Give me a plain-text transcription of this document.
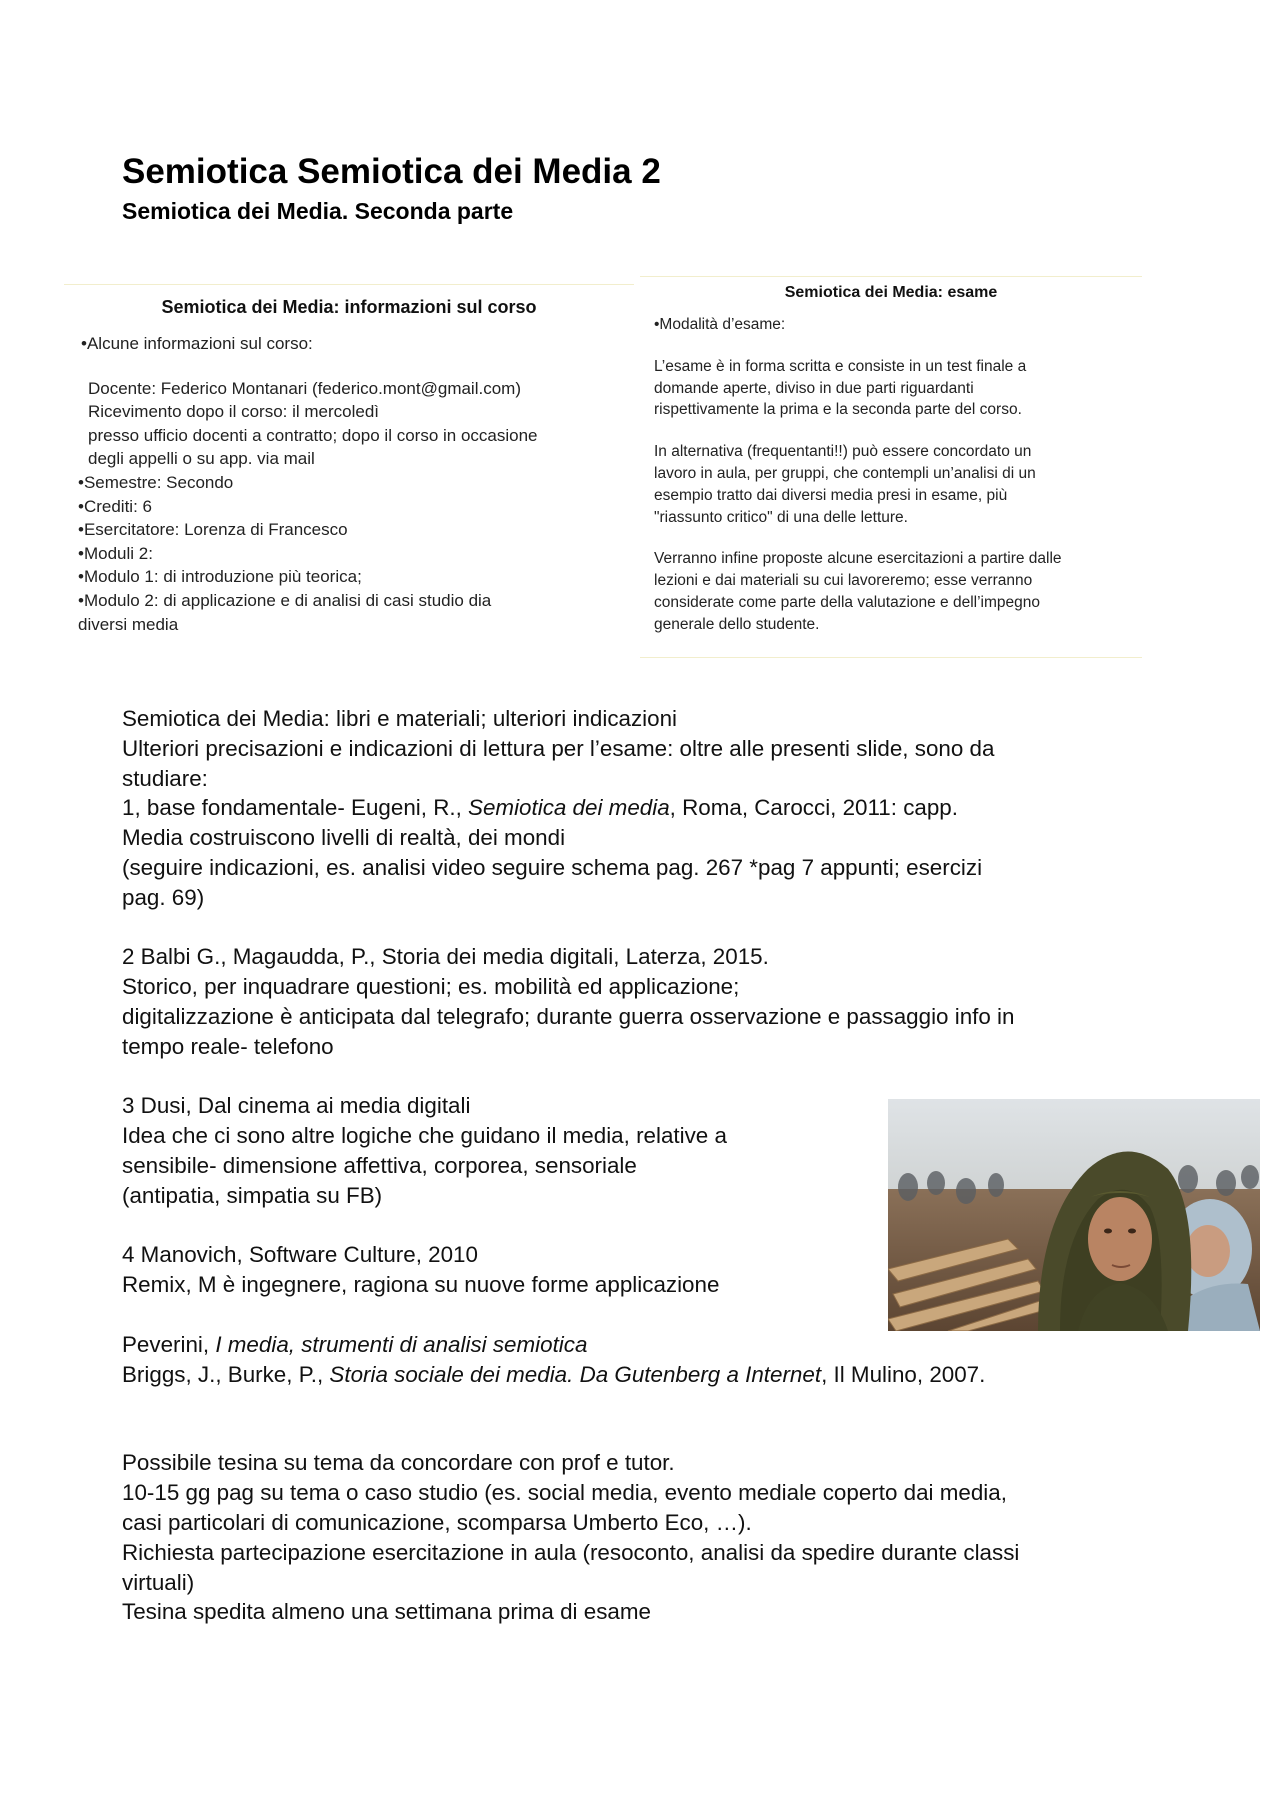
Semiotica Semiotica dei Media 2
Semiotica dei Media. Seconda parte
Semiotica dei Media: informazioni sul corso
•Alcune informazioni sul corso:
Docente: Federico Montanari (federico.mont@gmail.com)
Ricevimento dopo il corso: il mercoledì
presso ufficio docenti a contratto; dopo il corso in occasione
degli appelli o su app. via mail
•Semestre: Secondo
•Crediti: 6
•Esercitatore: Lorenza di Francesco
•Moduli 2:
•Modulo 1: di introduzione più teorica;
•Modulo 2: di applicazione e di analisi di casi studio dia
diversi media
Semiotica dei Media: esame
•Modalità d’esame:
L’esame è in forma scritta e consiste in un test finale a
domande aperte, diviso in due parti riguardanti
rispettivamente la prima e la seconda parte del corso.
In alternativa (frequentanti!!) può essere concordato un
lavoro in aula, per gruppi, che contempli un’analisi di un
esempio tratto dai diversi media presi in esame, più
"riassunto critico" di una delle letture.
Verranno infine proposte alcune esercitazioni a partire dalle
lezioni e dai materiali su cui lavoreremo; esse verranno
considerate come parte della valutazione e dell’impegno
generale dello studente.
Semiotica dei Media: libri e materiali; ulteriori indicazioni
Ulteriori precisazioni e indicazioni di lettura per l’esame: oltre alle presenti slide, sono da
studiare:
1, base fondamentale- Eugeni, R., Semiotica dei media, Roma, Carocci, 2011: capp.
Media costruiscono livelli di realtà, dei mondi
(seguire indicazioni, es. analisi video seguire schema pag. 267 *pag 7 appunti; esercizi
pag. 69)
2 Balbi G., Magaudda, P., Storia dei media digitali, Laterza, 2015.
Storico, per inquadrare questioni; es. mobilità ed applicazione;
digitalizzazione è anticipata dal telegrafo; durante guerra osservazione e passaggio info in
tempo reale- telefono
3 Dusi, Dal cinema ai media digitali
Idea che ci sono altre logiche che guidano il media, relative a
sensibile- dimensione affettiva, corporea, sensoriale
(antipatia, simpatia su FB)
4 Manovich, Software Culture, 2010
Remix, M è ingegnere, ragiona su nuove forme applicazione
Peverini, I media, strumenti di analisi semiotica
Briggs, J., Burke, P., Storia sociale dei media. Da Gutenberg a Internet, Il Mulino, 2007.
Possibile tesina su tema da concordare con prof e tutor.
10-15 gg pag su tema o caso studio (es. social media, evento mediale coperto dai media,
casi particolari di comunicazione, scomparsa Umberto Eco, …).
Richiesta partecipazione esercitazione in aula (resoconto, analisi da spedire durante classi
virtuali)
Tesina spedita almeno una settimana prima di esame
